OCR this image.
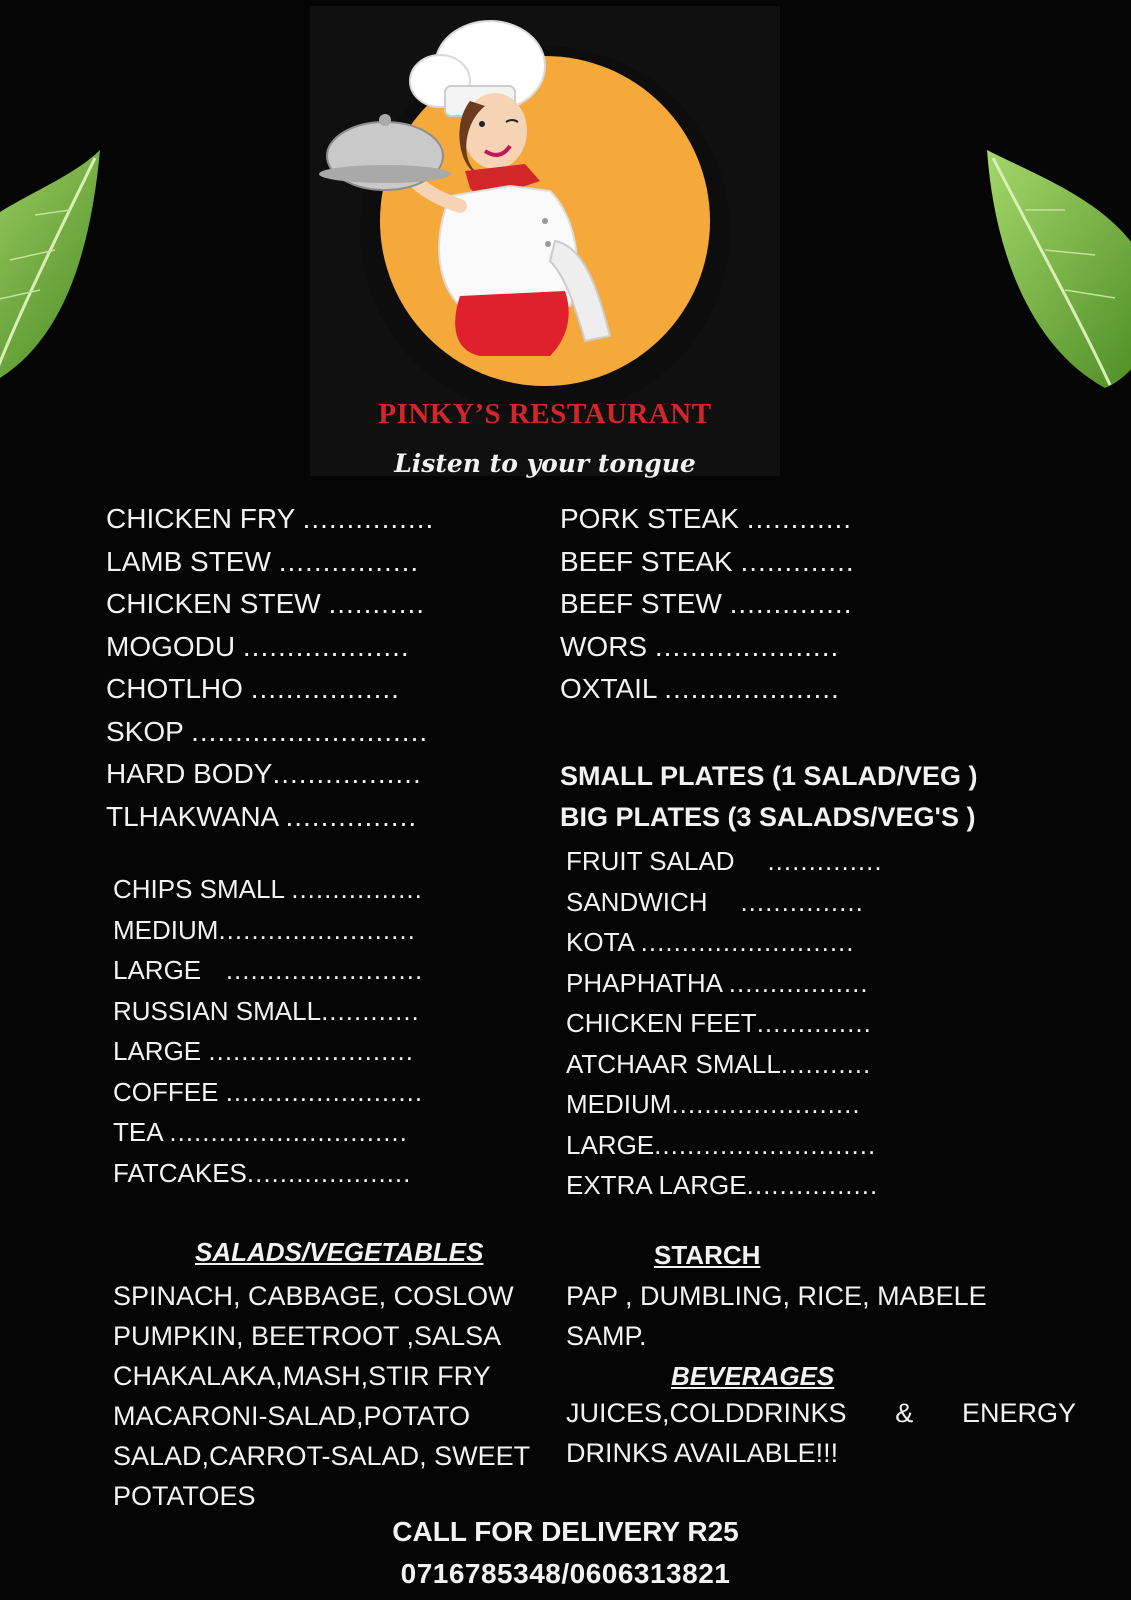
PINKY’S RESTAURANT

Listen to your tongue

CHICKEN FRY ...............
LAMB STEW ................
CHICKEN STEW ...........
MOGODU ...................
CHOTLHO .................
SKOP ...........................
HARD BODY.................
TLHAKWANA ...............
PORK STEAK ............
BEEF STEAK .............
BEEF STEW ..............
WORS .....................
OXTAIL ....................

SMALL PLATES (1 SALAD/VEG )

BIG PLATES (3 SALADS/VEG'S )

CHIPS SMALL ................
MEDIUM........................
LARGE   ........................
RUSSIAN SMALL............
LARGE .........................
COFFEE ........................
TEA .............................
FATCAKES....................
FRUIT SALAD    ..............
SANDWICH    ...............
KOTA ..........................
PHAPHATHA .................
CHICKEN FEET..............
ATCHAAR SMALL...........
MEDIUM.......................
LARGE...........................
EXTRA LARGE................

SALADS/VEGETABLES

SPINACH, CABBAGE, COSLOW
PUMPKIN, BEETROOT ,SALSA
CHAKALAKA,MASH,STIR FRY
MACARONI-SALAD,POTATO
SALAD,CARROT-SALAD, SWEET
POTATOES

STARCH

PAP , DUMBLING, RICE, MABELE
SAMP.

BEVERAGES

JUICES,COLDDRINKS & ENERGY

DRINKS AVAILABLE!!!

CALL FOR DELIVERY R25

0716785348/0606313821
